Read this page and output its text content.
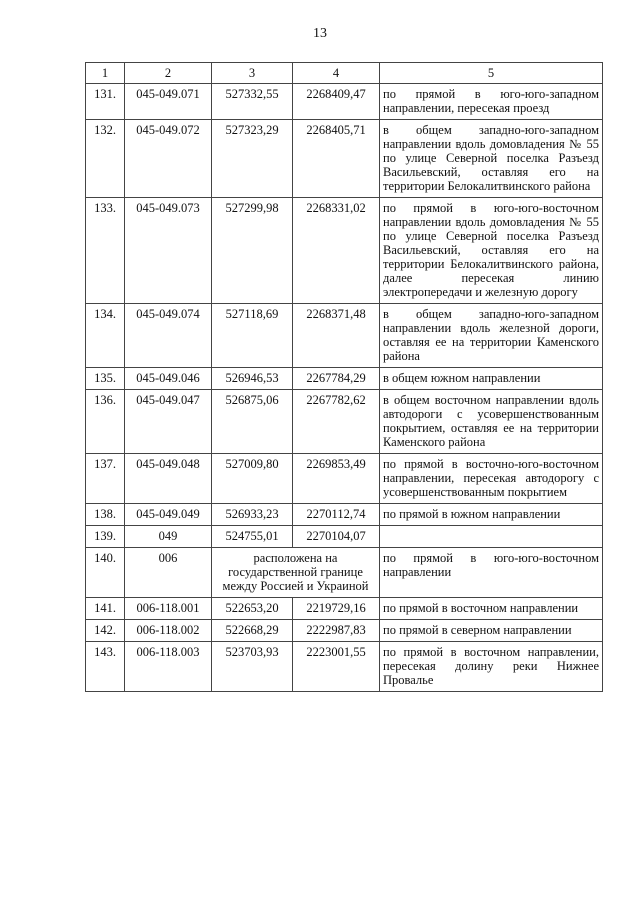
13
1	2	3	4	5
131.	045-049.071	527332,55	2268409,47	по прямой в юго-юго-западном направлении, пересекая проезд
132.	045-049.072	527323,29	2268405,71	в общем западно-юго-западном направлении вдоль домовладения № 55 по улице Северной поселка Разъезд Васильевский, оставляя его на территории Белокалитвинского района
133.	045-049.073	527299,98	2268331,02	по прямой в юго-юго-восточном направлении вдоль домовладения № 55 по улице Северной поселка Разъезд Васильевский, оставляя его на территории Белокалитвинского района, далее пересекая линию электропередачи и железную дорогу
134.	045-049.074	527118,69	2268371,48	в общем западно-юго-западном направлении вдоль железной дороги, оставляя ее на территории Каменского района
135.	045-049.046	526946,53	2267784,29	в общем южном направлении
136.	045-049.047	526875,06	2267782,62	в общем восточном направлении вдоль автодороги с усовершенствованным покрытием, оставляя ее на территории Каменского района
137.	045-049.048	527009,80	2269853,49	по прямой в восточно-юго-восточном направлении, пересекая автодорогу с усовершенствованным покрытием
138.	045-049.049	526933,23	2270112,74	по прямой в южном направлении
139.	049	524755,01	2270104,07	
140.	006	расположена на государственной границе между Россией и Украиной		по прямой в юго-юго-восточном направлении
141.	006-118.001	522653,20	2219729,16	по прямой в восточном направлении
142.	006-118.002	522668,29	2222987,83	по прямой в северном направлении
143.	006-118.003	523703,93	2223001,55	по прямой в восточном направлении, пересекая долину реки Нижнее Провалье
